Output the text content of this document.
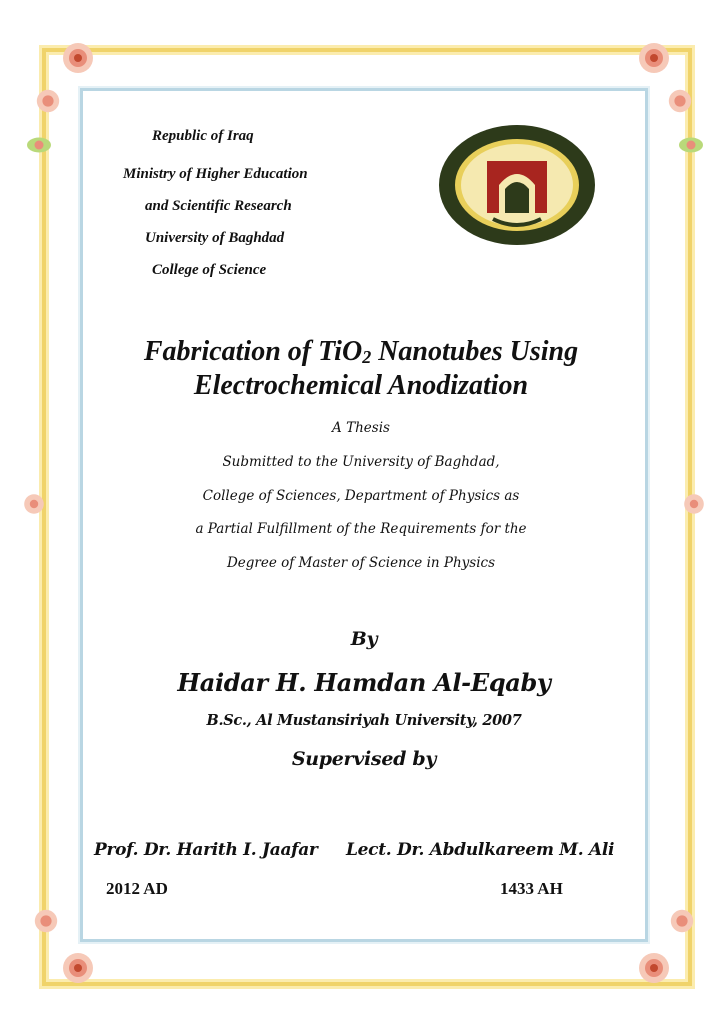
Republic of Iraq
Ministry of Higher Education
and Scientific Research
University of Baghdad
College of Science
Fabrication of TiO$_2$ Nanotubes Using
Electrochemical Anodization
A Thesis
Submitted to the University of Baghdad,
College of Sciences, Department of Physics as
a Partial Fulfillment of the Requirements for the
Degree of Master of Science in Physics
By
Haidar H. Hamdan Al-Eqaby
B.Sc., Al Mustansiriyah University, 2007
Supervised by
Prof. Dr. Harith I. Jaafar Lect. Dr. Abdulkareem M. Ali
2012 AD	1433 AH
